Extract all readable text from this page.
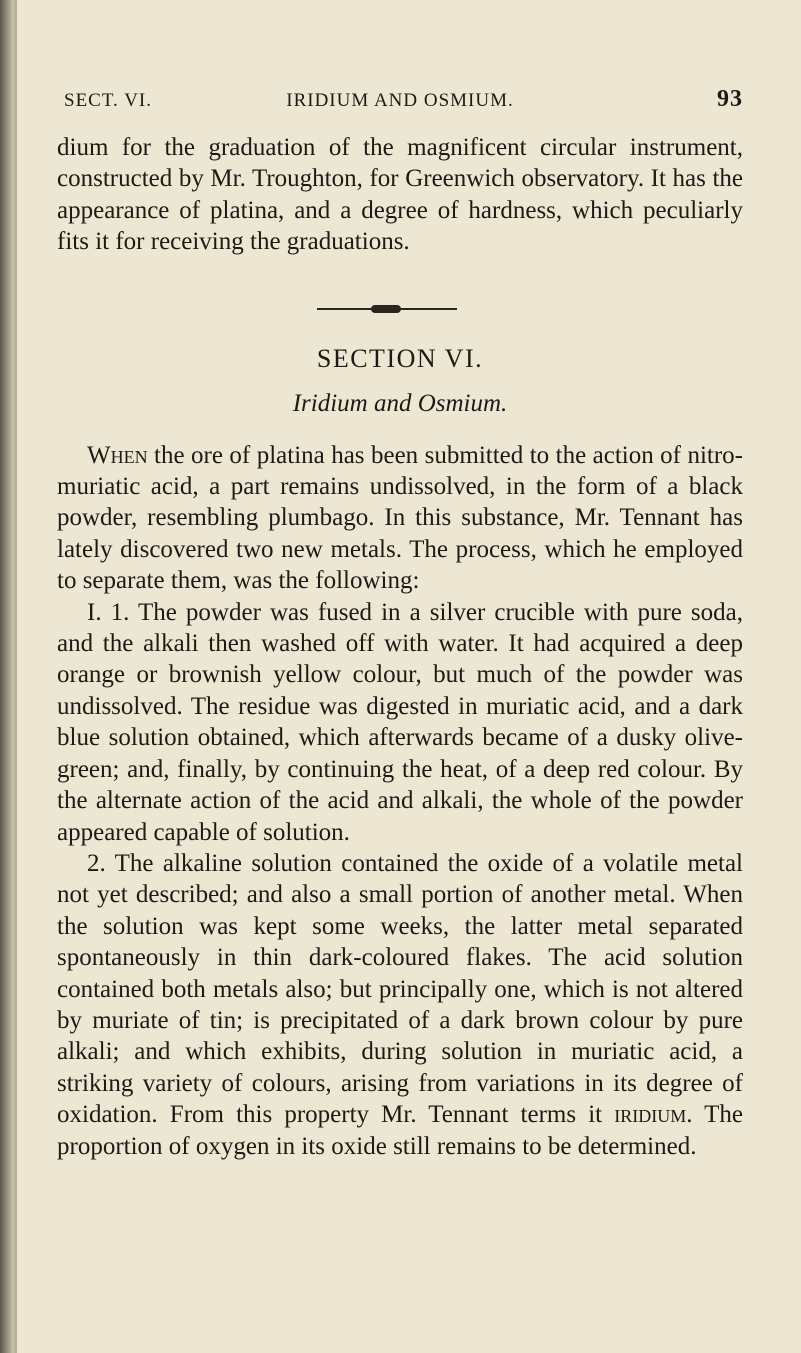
SECT. VI.	IRIDIUM AND OSMIUM.	93

dium for the graduation of the magnificent circular instrument, constructed by Mr. Troughton, for Greenwich observatory. It has the appearance of platina, and a degree of hardness, which peculiarly fits it for receiving the graduations.

SECTION VI.
Iridium and Osmium.

When the ore of platina has been submitted to the action of nitro-muriatic acid, a part remains undissolved, in the form of a black powder, resembling plumbago. In this substance, Mr. Tennant has lately discovered two new metals. The process, which he employed to separate them, was the following:

I. 1. The powder was fused in a silver crucible with pure soda, and the alkali then washed off with water. It had acquired a deep orange or brownish yellow colour, but much of the powder was undissolved. The residue was digested in muriatic acid, and a dark blue solution obtained, which afterwards became of a dusky olive-green; and, finally, by continuing the heat, of a deep red colour. By the alternate action of the acid and alkali, the whole of the powder appeared capable of solution.

2. The alkaline solution contained the oxide of a volatile metal not yet described; and also a small portion of another metal. When the solution was kept some weeks, the latter metal separated spontaneously in thin dark-coloured flakes. The acid solution contained both metals also; but principally one, which is not altered by muriate of tin; is precipitated of a dark brown colour by pure alkali; and which exhibits, during solution in muriatic acid, a striking variety of colours, arising from variations in its degree of oxidation. From this property Mr. Tennant terms it iridium. The proportion of oxygen in its oxide still remains to be determined.
